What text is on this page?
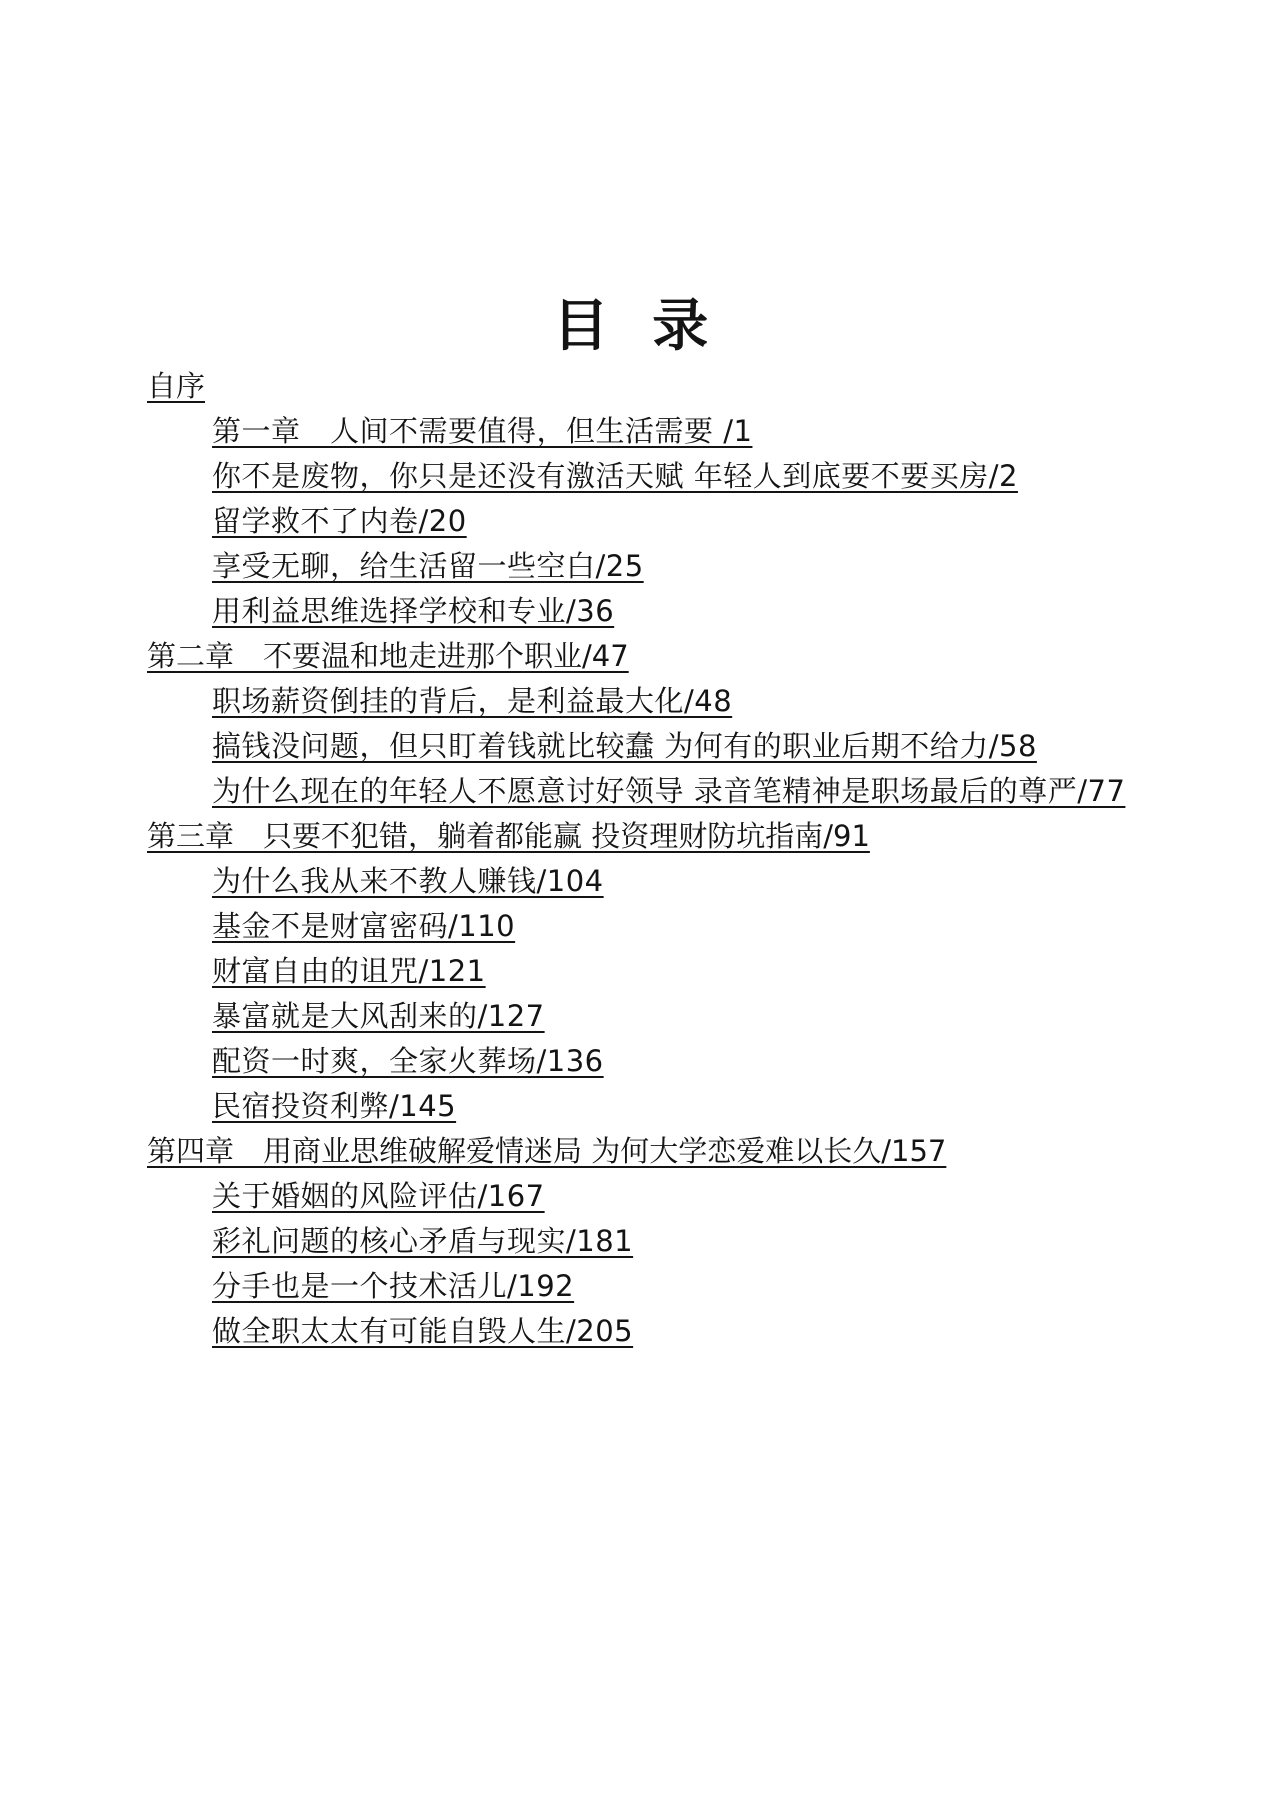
目 录
自序
第一章　人间不需要值得，但生活需要 /1
你不是废物，你只是还没有激活天赋 年轻人到底要不要买房/2
留学救不了内卷/20
享受无聊，给生活留一些空白/25
用利益思维选择学校和专业/36
第二章　不要温和地走进那个职业/47
职场薪资倒挂的背后，是利益最大化/48
搞钱没问题，但只盯着钱就比较蠢 为何有的职业后期不给力/58
为什么现在的年轻人不愿意讨好领导 录音笔精神是职场最后的尊严/77
第三章　只要不犯错，躺着都能赢 投资理财防坑指南/91
为什么我从来不教人赚钱/104
基金不是财富密码/110
财富自由的诅咒/121
暴富就是大风刮来的/127
配资一时爽，全家火葬场/136
民宿投资利弊/145
第四章　用商业思维破解爱情迷局 为何大学恋爱难以长久/157
关于婚姻的风险评估/167
彩礼问题的核心矛盾与现实/181
分手也是一个技术活儿/192
做全职太太有可能自毁人生/205
